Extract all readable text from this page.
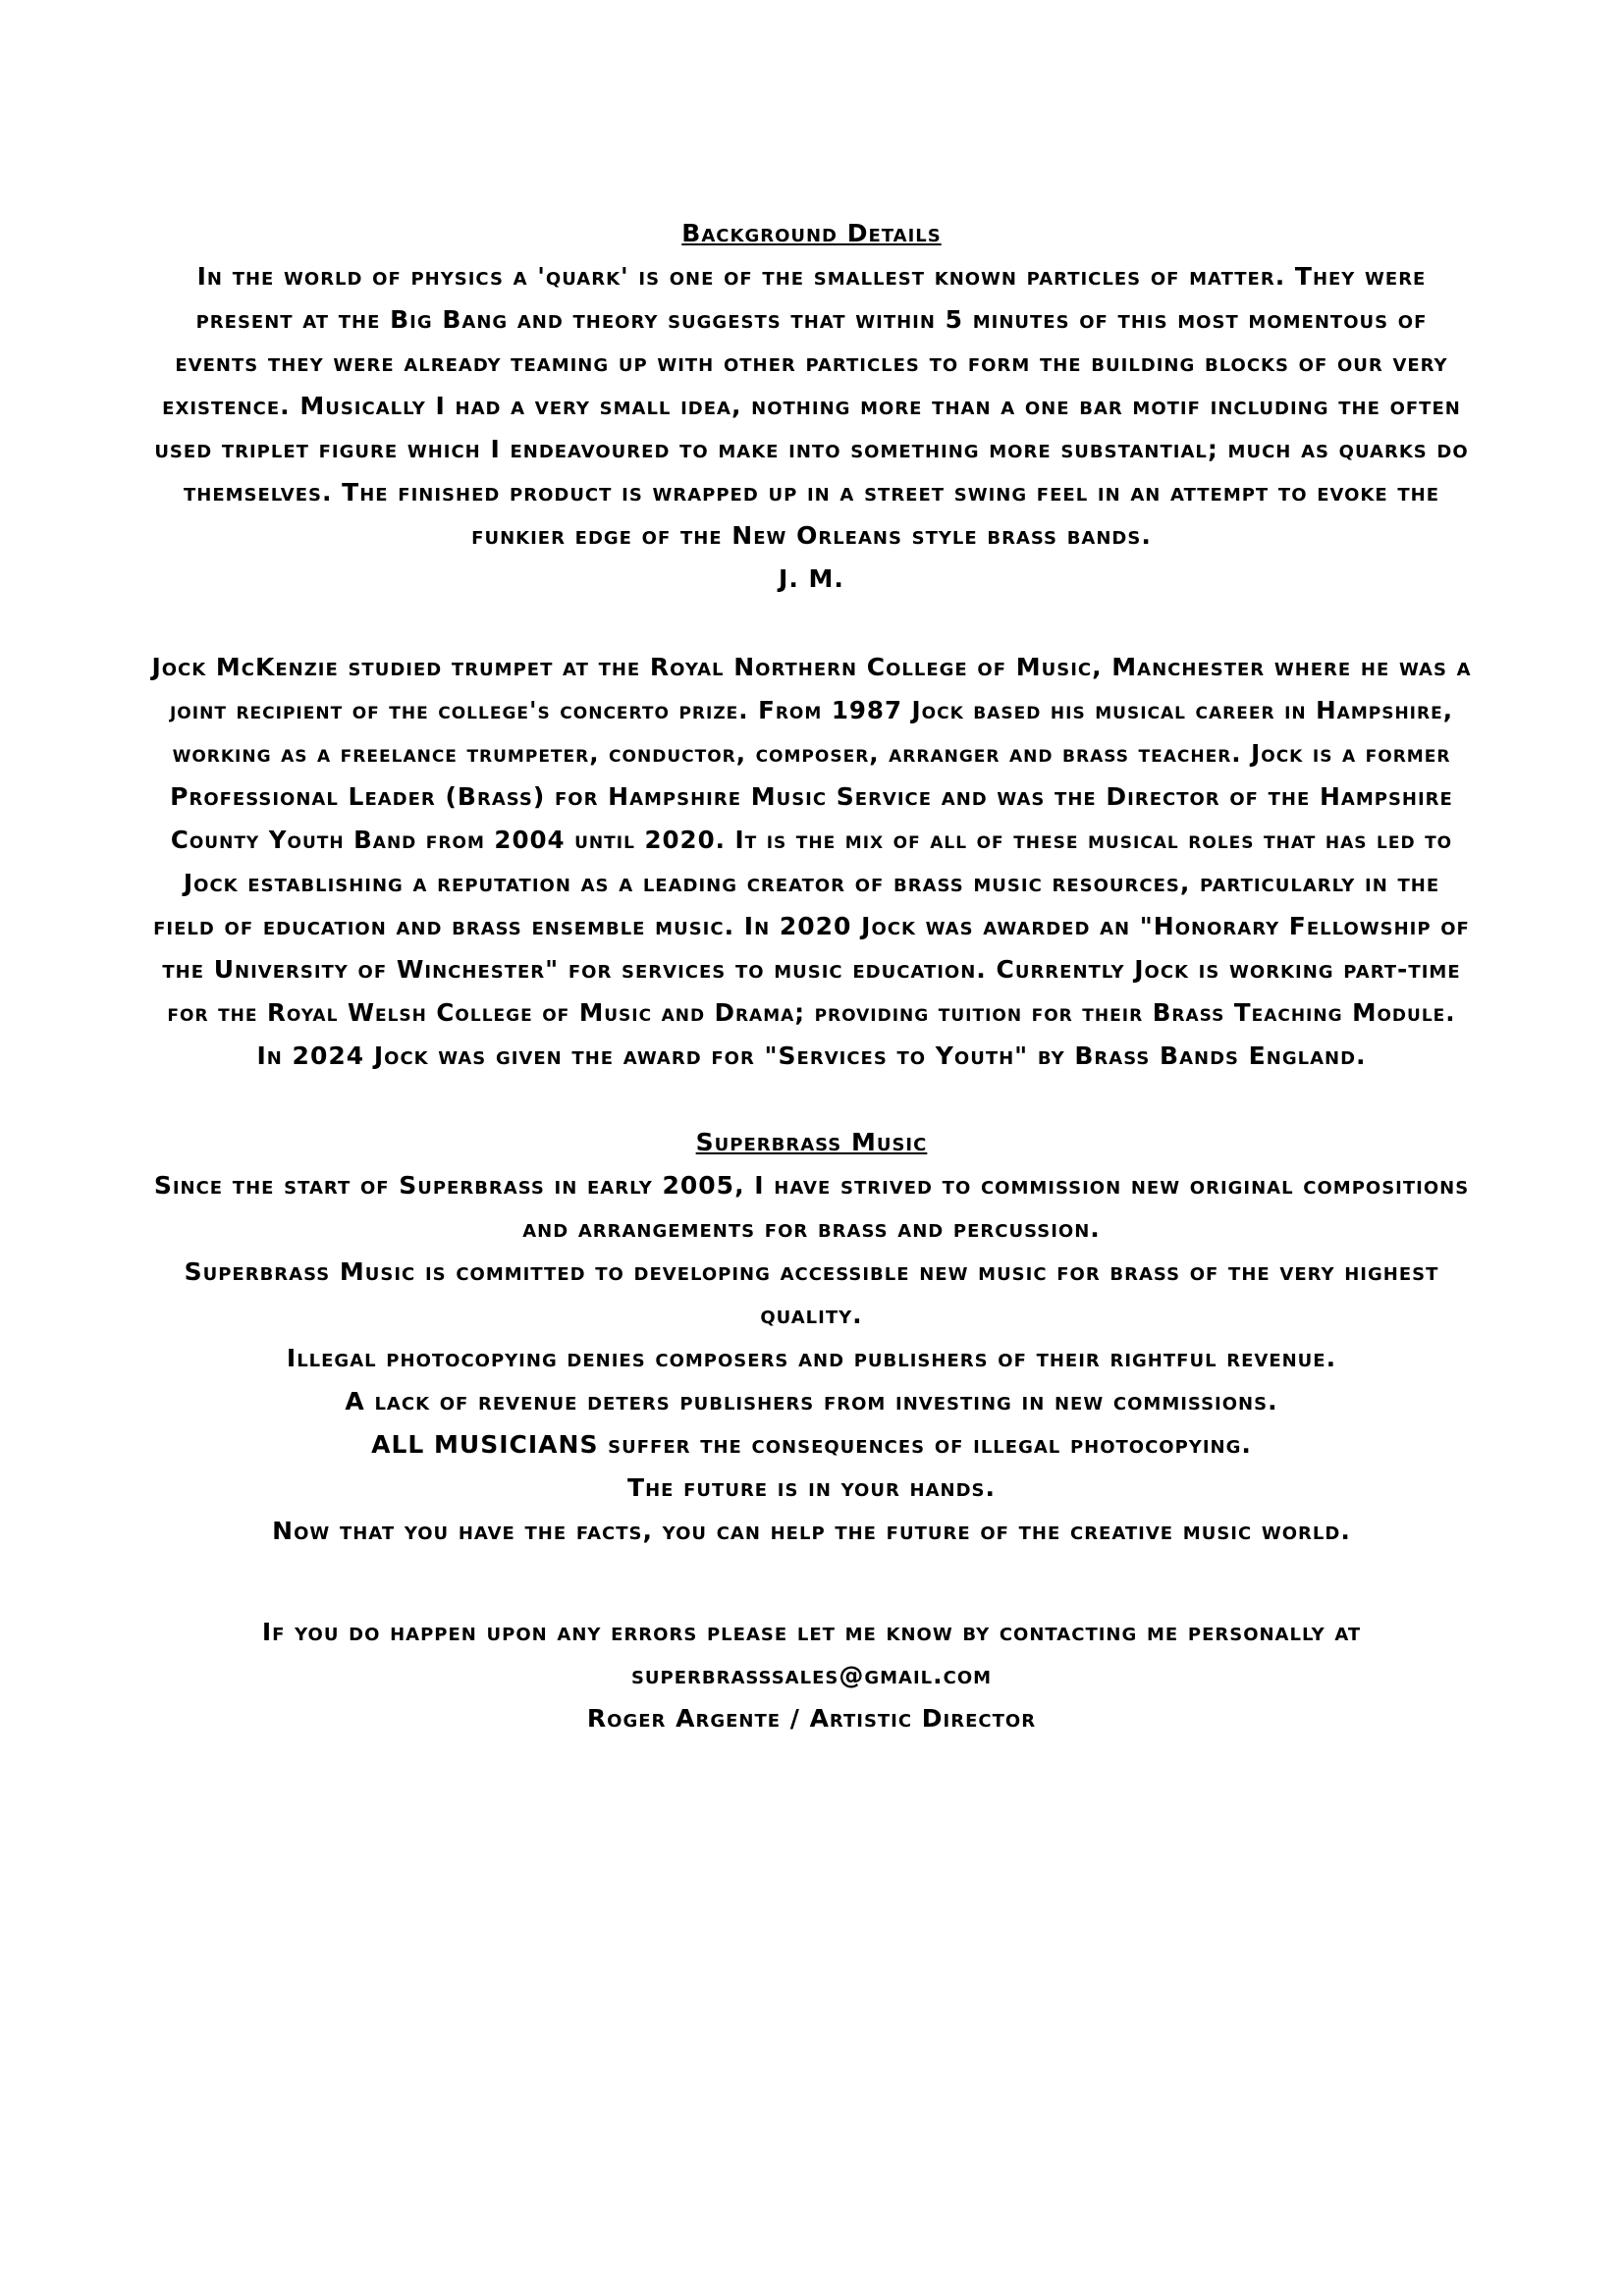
Background Details
In the world of physics a 'quark' is one of the smallest known particles of matter. They were
present at the Big Bang and theory suggests that within 5 minutes of this most momentous of
events they were already teaming up with other particles to form the building blocks of our very
existence. Musically I had a very small idea, nothing more than a one bar motif including the often
used triplet figure which I endeavoured to make into something more substantial; much as quarks do
themselves. The finished product is wrapped up in a street swing feel in an attempt to evoke the
funkier edge of the New Orleans style brass bands.
J. M.
Jock McKenzie studied trumpet at the Royal Northern College of Music, Manchester where he was a
joint recipient of the college's concerto prize. From 1987 Jock based his musical career in Hampshire,
working as a freelance trumpeter, conductor, composer, arranger and brass teacher. Jock is a former
Professional Leader (Brass) for Hampshire Music Service and was the Director of the Hampshire
County Youth Band from 2004 until 2020. It is the mix of all of these musical roles that has led to
Jock establishing a reputation as a leading creator of brass music resources, particularly in the
field of education and brass ensemble music. In 2020 Jock was awarded an "Honorary Fellowship of
the University of Winchester" for services to music education. Currently Jock is working part-time
for the Royal Welsh College of Music and Drama; providing tuition for their Brass Teaching Module.
In 2024 Jock was given the award for "Services to Youth" by Brass Bands England.
Superbrass Music
Since the start of Superbrass in early 2005, I have strived to commission new original compositions
and arrangements for brass and percussion.
Superbrass Music is committed to developing accessible new music for brass of the very highest
quality.
Illegal photocopying denies composers and publishers of their rightful revenue.
A lack of revenue deters publishers from investing in new commissions.
ALL MUSICIANS suffer the consequences of illegal photocopying.
The future is in your hands.
Now that you have the facts, you can help the future of the creative music world.
If you do happen upon any errors please let me know by contacting me personally at
superbrasssales@gmail.com
Roger Argente / Artistic Director
